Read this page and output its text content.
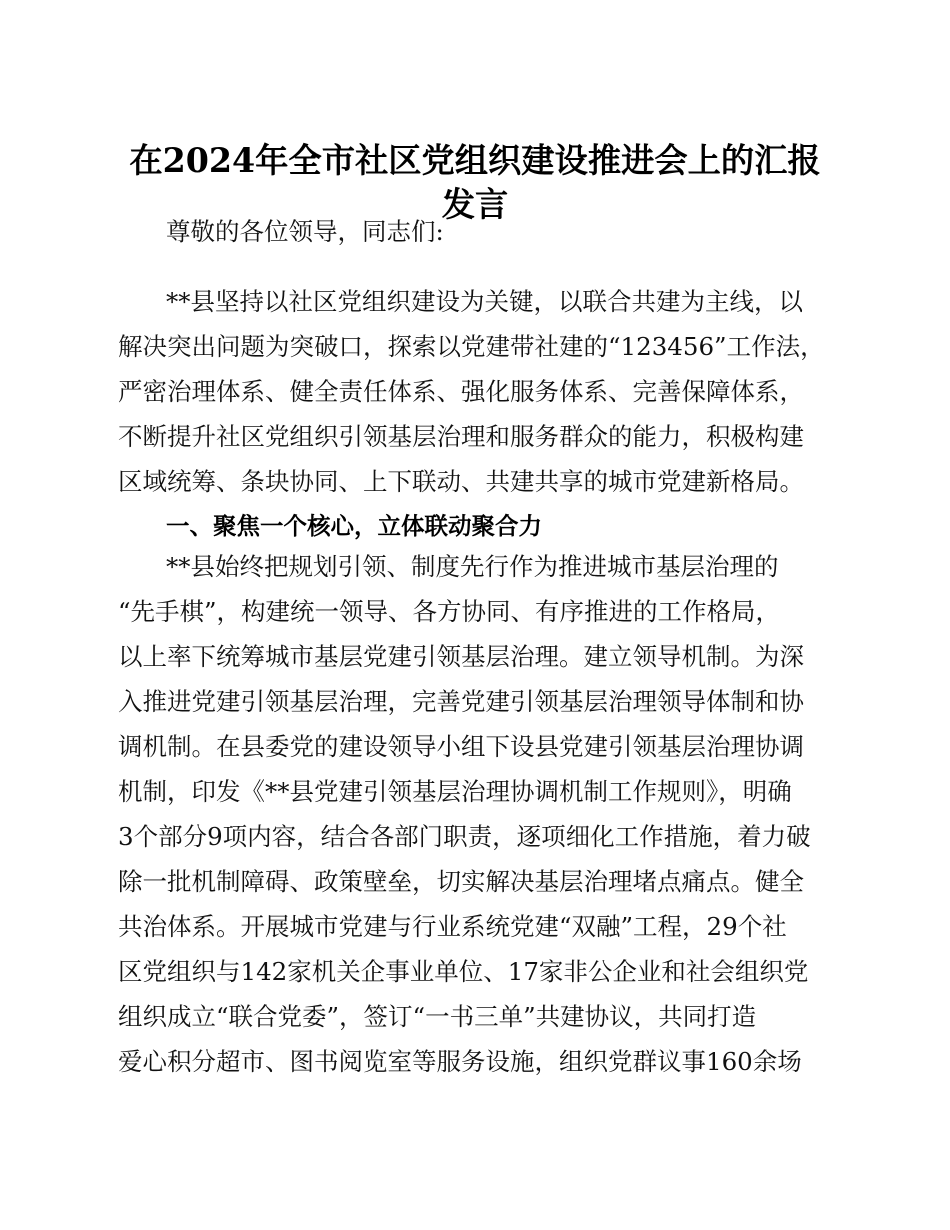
在2024年全市社区党组织建设推进会上的汇报
发言
尊敬的各位领导，同志们:
**县坚持以社区党组织建设为关键，以联合共建为主线，以
解决突出问题为突破口，探索以党建带社建的“123456”工作法，
严密治理体系、健全责任体系、强化服务体系、完善保障体系，
不断提升社区党组织引领基层治理和服务群众的能力，积极构建
区域统筹、条块协同、上下联动、共建共享的城市党建新格局。
一、聚焦一个核心，立体联动聚合力
**县始终把规划引领、制度先行作为推进城市基层治理的
“先手棋”，构建统一领导、各方协同、有序推进的工作格局，
以上率下统筹城市基层党建引领基层治理。建立领导机制。为深
入推进党建引领基层治理，完善党建引领基层治理领导体制和协
调机制。在县委党的建设领导小组下设县党建引领基层治理协调
机制，印发《**县党建引领基层治理协调机制工作规则》，明确
3个部分9项内容，结合各部门职责，逐项细化工作措施，着力破
除一批机制障碍、政策壁垒，切实解决基层治理堵点痛点。健全
共治体系。开展城市党建与行业系统党建“双融”工程，29个社
区党组织与142家机关企事业单位、17家非公企业和社会组织党
组织成立“联合党委”，签订“一书三单”共建协议，共同打造
爱心积分超市、图书阅览室等服务设施，组织党群议事160余场
